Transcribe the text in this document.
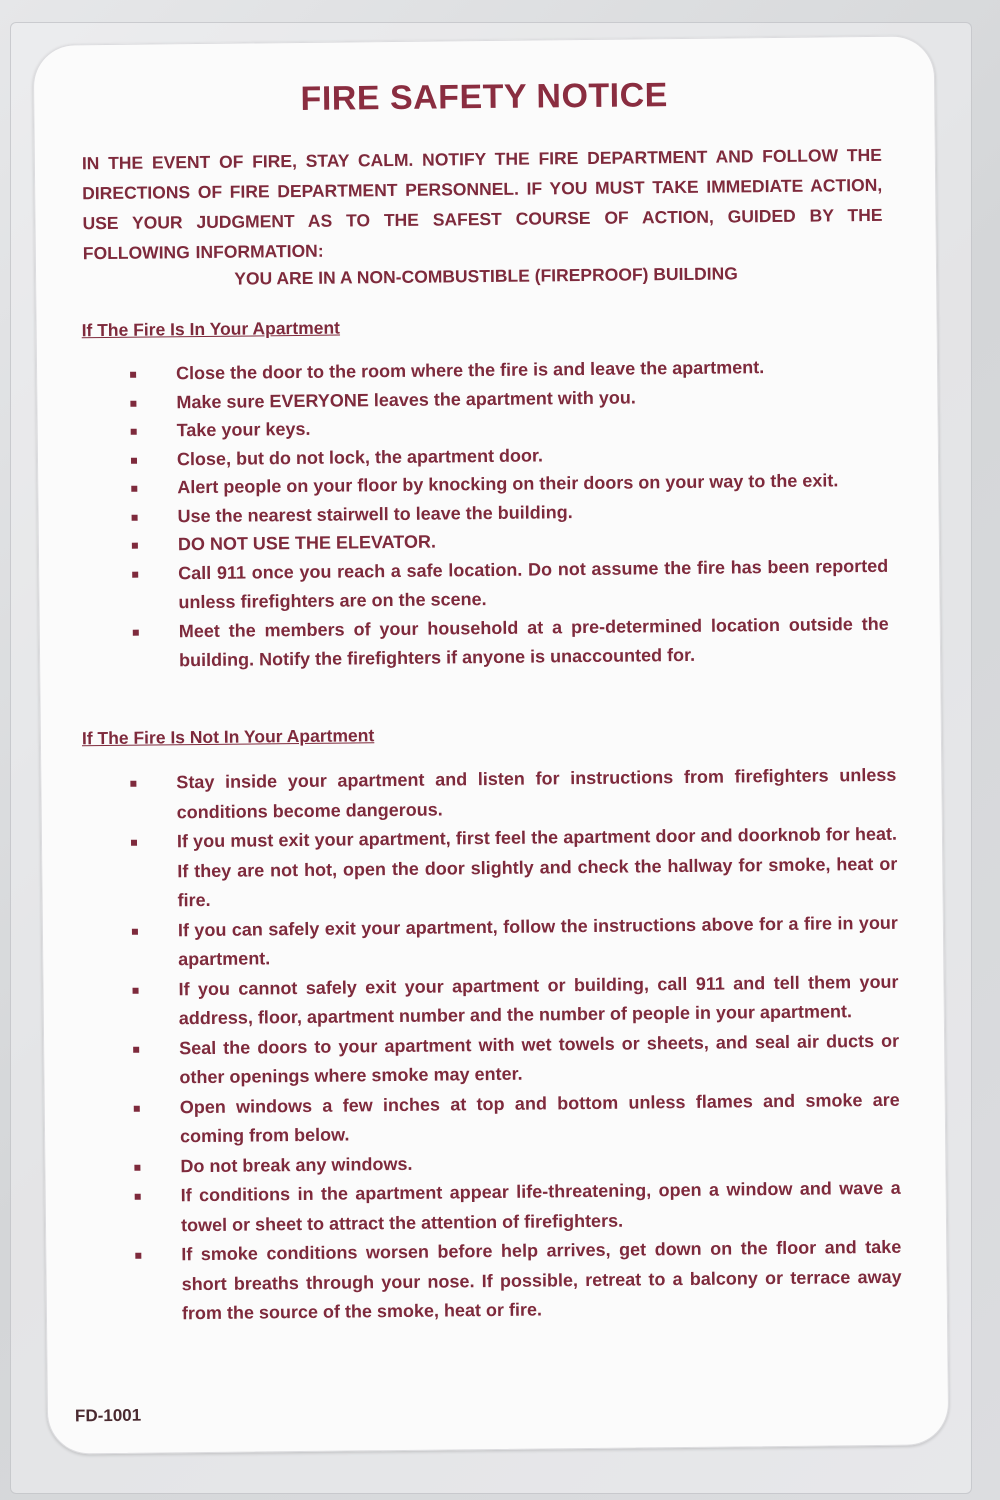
FIRE SAFETY NOTICE
IN THE EVENT OF FIRE, STAY CALM. NOTIFY THE FIRE DEPARTMENT AND FOLLOW THE DIRECTIONS OF FIRE DEPARTMENT PERSONNEL. IF YOU MUST TAKE IMMEDIATE ACTION, USE YOUR JUDGMENT AS TO THE SAFEST COURSE OF ACTION, GUIDED BY THE FOLLOWING INFORMATION:
YOU ARE IN A NON-COMBUSTIBLE (FIREPROOF) BUILDING
If The Fire Is In Your Apartment
Close the door to the room where the fire is and leave the apartment.
Make sure EVERYONE leaves the apartment with you.
Take your keys.
Close, but do not lock, the apartment door.
Alert people on your floor by knocking on their doors on your way to the exit.
Use the nearest stairwell to leave the building.
DO NOT USE THE ELEVATOR.
Call 911 once you reach a safe location. Do not assume the fire has been reported unless firefighters are on the scene.
Meet the members of your household at a pre-determined location outside the building. Notify the firefighters if anyone is unaccounted for.
If The Fire Is Not In Your Apartment
Stay inside your apartment and listen for instructions from firefighters unless conditions become dangerous.
If you must exit your apartment, first feel the apartment door and doorknob for heat. If they are not hot, open the door slightly and check the hallway for smoke, heat or fire.
If you can safely exit your apartment, follow the instructions above for a fire in your apartment.
If you cannot safely exit your apartment or building, call 911 and tell them your address, floor, apartment number and the number of people in your apartment.
Seal the doors to your apartment with wet towels or sheets, and seal air ducts or other openings where smoke may enter.
Open windows a few inches at top and bottom unless flames and smoke are coming from below.
Do not break any windows.
If conditions in the apartment appear life-threatening, open a window and wave a towel or sheet to attract the attention of firefighters.
If smoke conditions worsen before help arrives, get down on the floor and take short breaths through your nose. If possible, retreat to a balcony or terrace away from the source of the smoke, heat or fire.
FD-1001
